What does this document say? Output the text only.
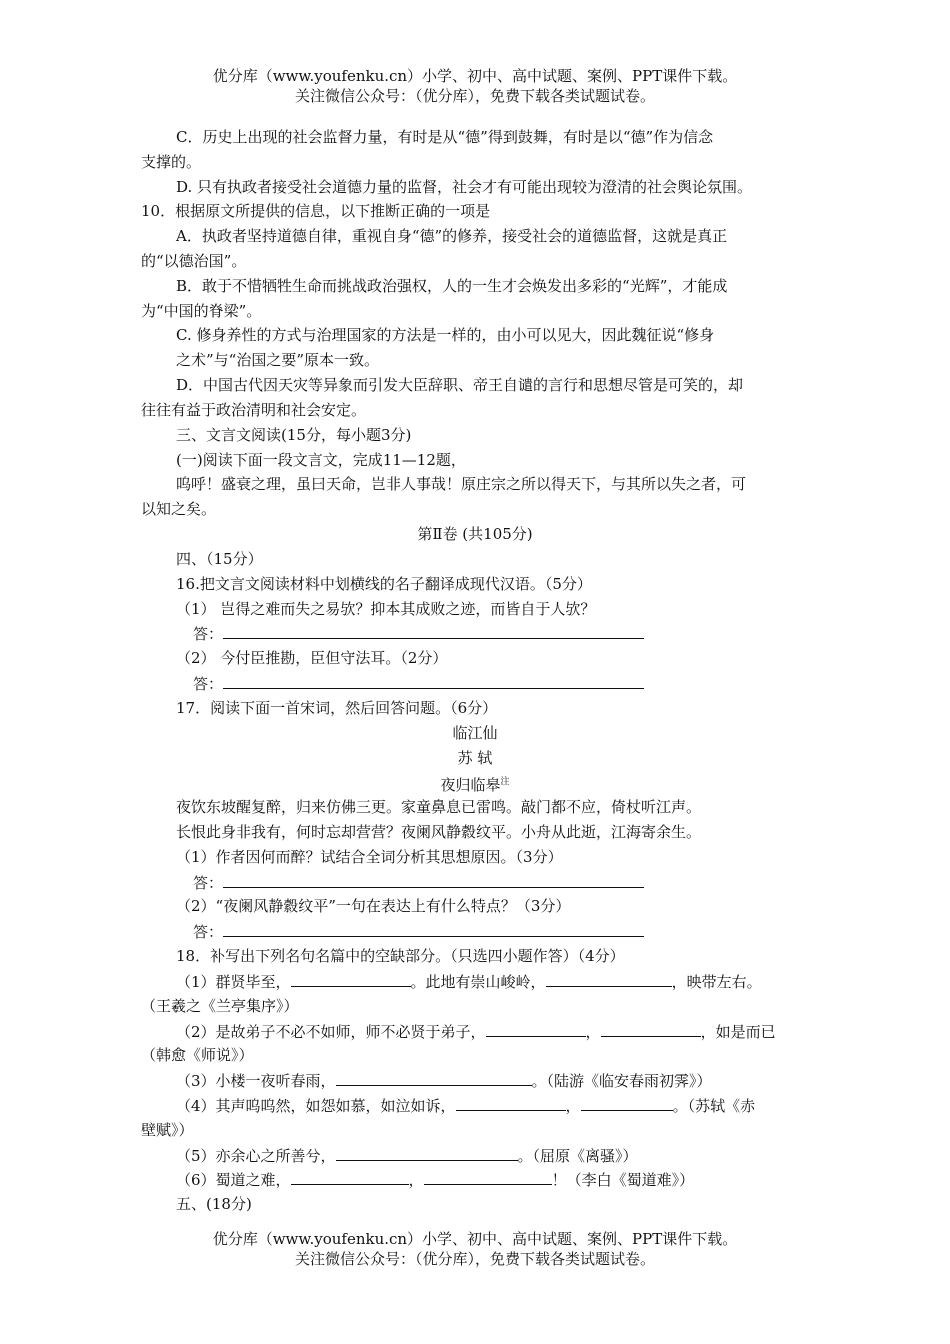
优分库（www.youfenku.cn）小学、初中、高中试题、案例、PPT课件下载。
关注微信公众号：（优分库），免费下载各类试题试卷。
C．历史上出现的社会监督力量，有时是从“德”得到鼓舞，有时是以“德”作为信念
支撑的。
D. 只有执政者接受社会道德力量的监督，社会才有可能出现较为澄清的社会舆论氛围。
10．根据原文所提供的信息，以下推断正确的一项是
A．执政者坚持道德自律，重视自身“德”的修养，接受社会的道德监督，这就是真正
的“以德治国”。
B．敢于不惜牺牲生命而挑战政治强权，人的一生才会焕发出多彩的“光辉”，才能成
为“中国的脊梁”。
C. 修身养性的方式与治理国家的方法是一样的，由小可以见大，因此魏征说“修身
之术”与“治国之要”原本一致。
D．中国古代因天灾等异象而引发大臣辞职、帝王自谴的言行和思想尽管是可笑的，却
往往有益于政治清明和社会安定。
三、文言文阅读(15分，每小题3分)
(一)阅读下面一段文言文，完成11—12题，
呜呼！盛衰之理，虽曰天命，岂非人事哉！原庄宗之所以得天下，与其所以失之者，可
以知之矣。
第Ⅱ卷 (共105分)
四、（15分）
16.把文言文阅读材料中划横线的名子翻译成现代汉语。（5分）
（1） 岂得之难而失之易欤？抑本其成败之迹，而皆自于人欤？
答：
（2） 今付臣推勘，臣但守法耳。（2分）
答：
17．阅读下面一首宋词，然后回答问题。（6分）
临江仙
苏 轼
夜归临皋$^注$
夜饮东坡醒复醉，归来仿佛三更。家童鼻息已雷鸣。敲门都不应，倚杖听江声。
长恨此身非我有，何时忘却营营？夜阑风静縠纹平。小舟从此逝，江海寄余生。
（1）作者因何而醉？试结合全词分析其思想原因。（3分）
答：
（2）“夜阑风静縠纹平”一句在表达上有什么特点？（3分）
答：
18．补写出下列名句名篇中的空缺部分。（只选四小题作答）（4分）
（1）群贤毕至，	。此地有崇山峻岭，	，映带左右。
（王羲之《兰亭集序》）
（2）是故弟子不必不如师，师不必贤于弟子，	，	，如是而已
（韩愈《师说》）
（3）小楼一夜听春雨，	。（陆游《临安春雨初霁》）
（4）其声呜呜然，如怨如慕，如泣如诉，	，	。（苏轼《赤
壁赋》）
（5）亦余心之所善兮，	。（屈原《离骚》）
（6）蜀道之难，	，	！（李白《蜀道难》）
五、(18分)
优分库（www.youfenku.cn）小学、初中、高中试题、案例、PPT课件下载。
关注微信公众号：（优分库），免费下载各类试题试卷。
